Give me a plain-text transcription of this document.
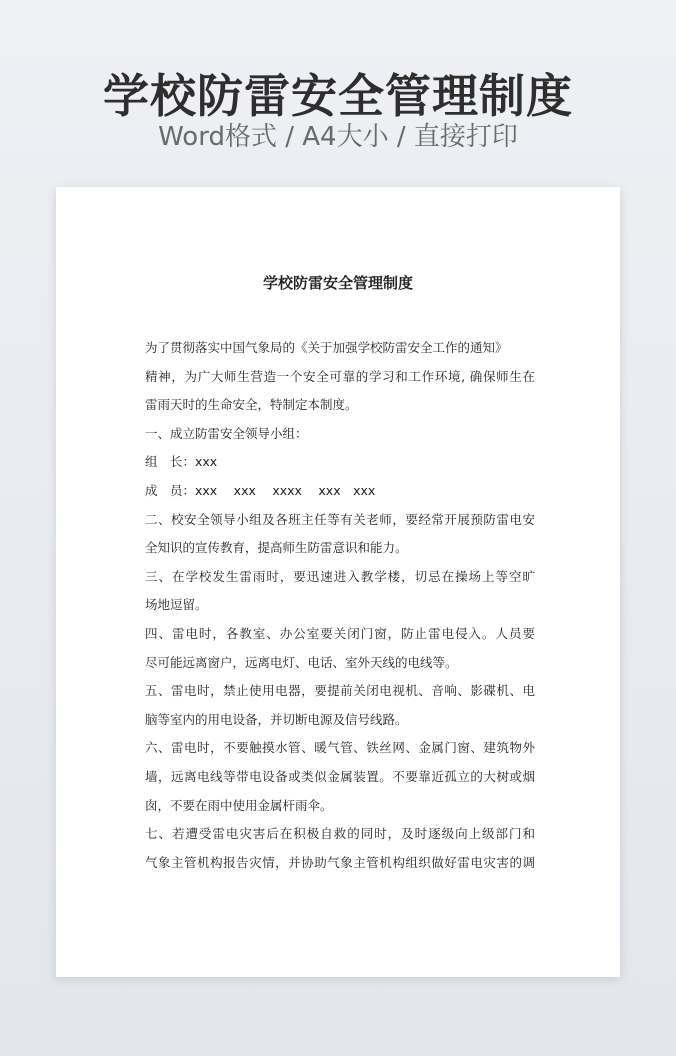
学校防雷安全管理制度
Word格式 / A4大小 / 直接打印
学校防雷安全管理制度
为了贯彻落实中国气象局的《关于加强学校防雷安全工作的通知》
精神，为广大师生营造一个安全可靠的学习和工作环境, 确保师生在
雷雨天时的生命安全，特制定本制度。
一、成立防雷安全领导小组：
组　长：xxx
成　员：xxx　 xxx　 xxxx　 xxx　xxx
二、校安全领导小组及各班主任等有关老师，要经常开展预防雷电安
全知识的宣传教育，提高师生防雷意识和能力。
三、在学校发生雷雨时，要迅速进入教学楼，切忌在操场上等空旷
场地逗留。
四、雷电时，各教室、办公室要关闭门窗，防止雷电侵入。人员要
尽可能远离窗户，远离电灯、电话、室外天线的电线等。
五、雷电时，禁止使用电器，要提前关闭电视机、音响、影碟机、电
脑等室内的用电设备，并切断电源及信号线路。
六、雷电时，不要触摸水管、暖气管、铁丝网、金属门窗、建筑物外
墙，远离电线等带电设备或类似金属装置。不要靠近孤立的大树或烟
囱，不要在雨中使用金属杆雨伞。
七、若遭受雷电灾害后在积极自救的同时，及时逐级向上级部门和
气象主管机构报告灾情，并协助气象主管机构组织做好雷电灾害的调
